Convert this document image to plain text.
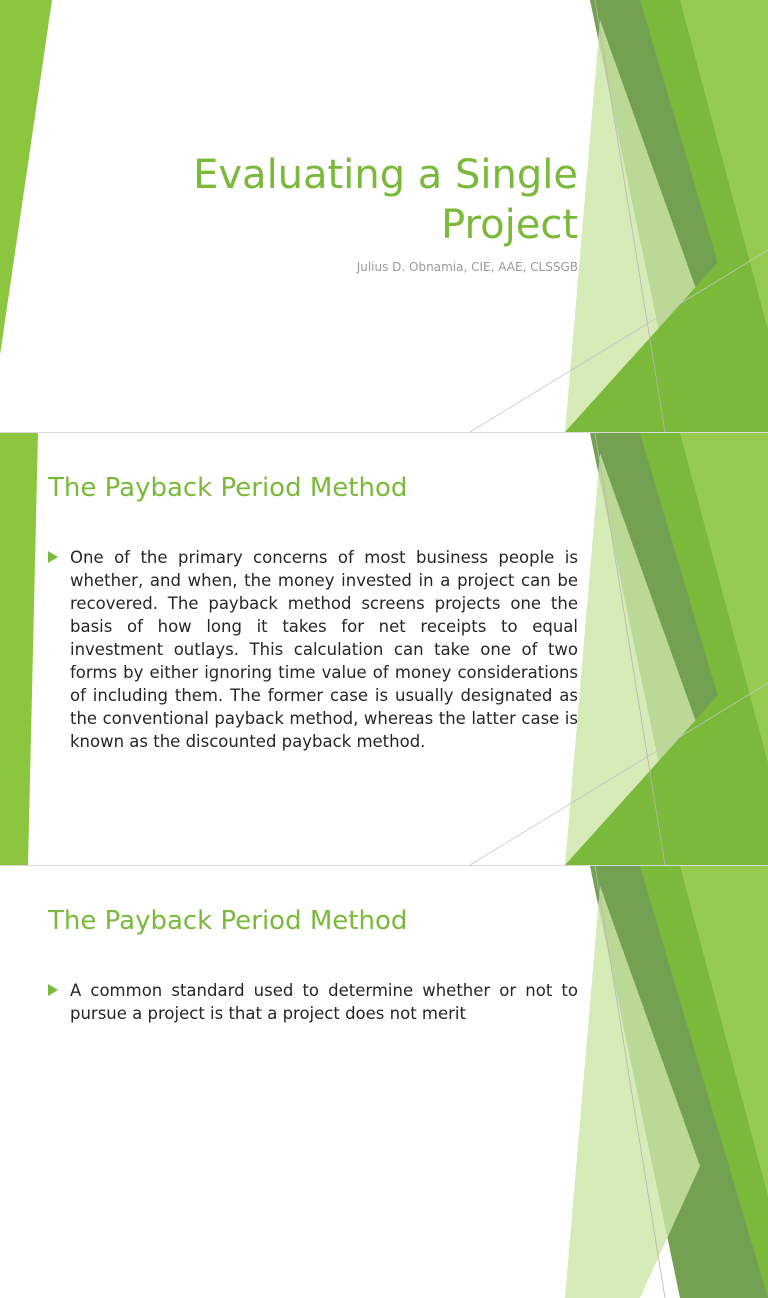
Evaluating a Single Project
Julius D. Obnamia, CIE, AAE, CLSSGB
The Payback Period Method
One of the primary concerns of most business people is whether, and when, the money invested in a project can be recovered. The payback method screens projects one the basis of how long it takes for net receipts to equal investment outlays. This calculation can take one of two forms by either ignoring time value of money considerations of including them. The former case is usually designated as the conventional payback method, whereas the latter case is known as the discounted payback method.
The Payback Period Method
A common standard used to determine whether or not to pursue a project is that a project does not merit
